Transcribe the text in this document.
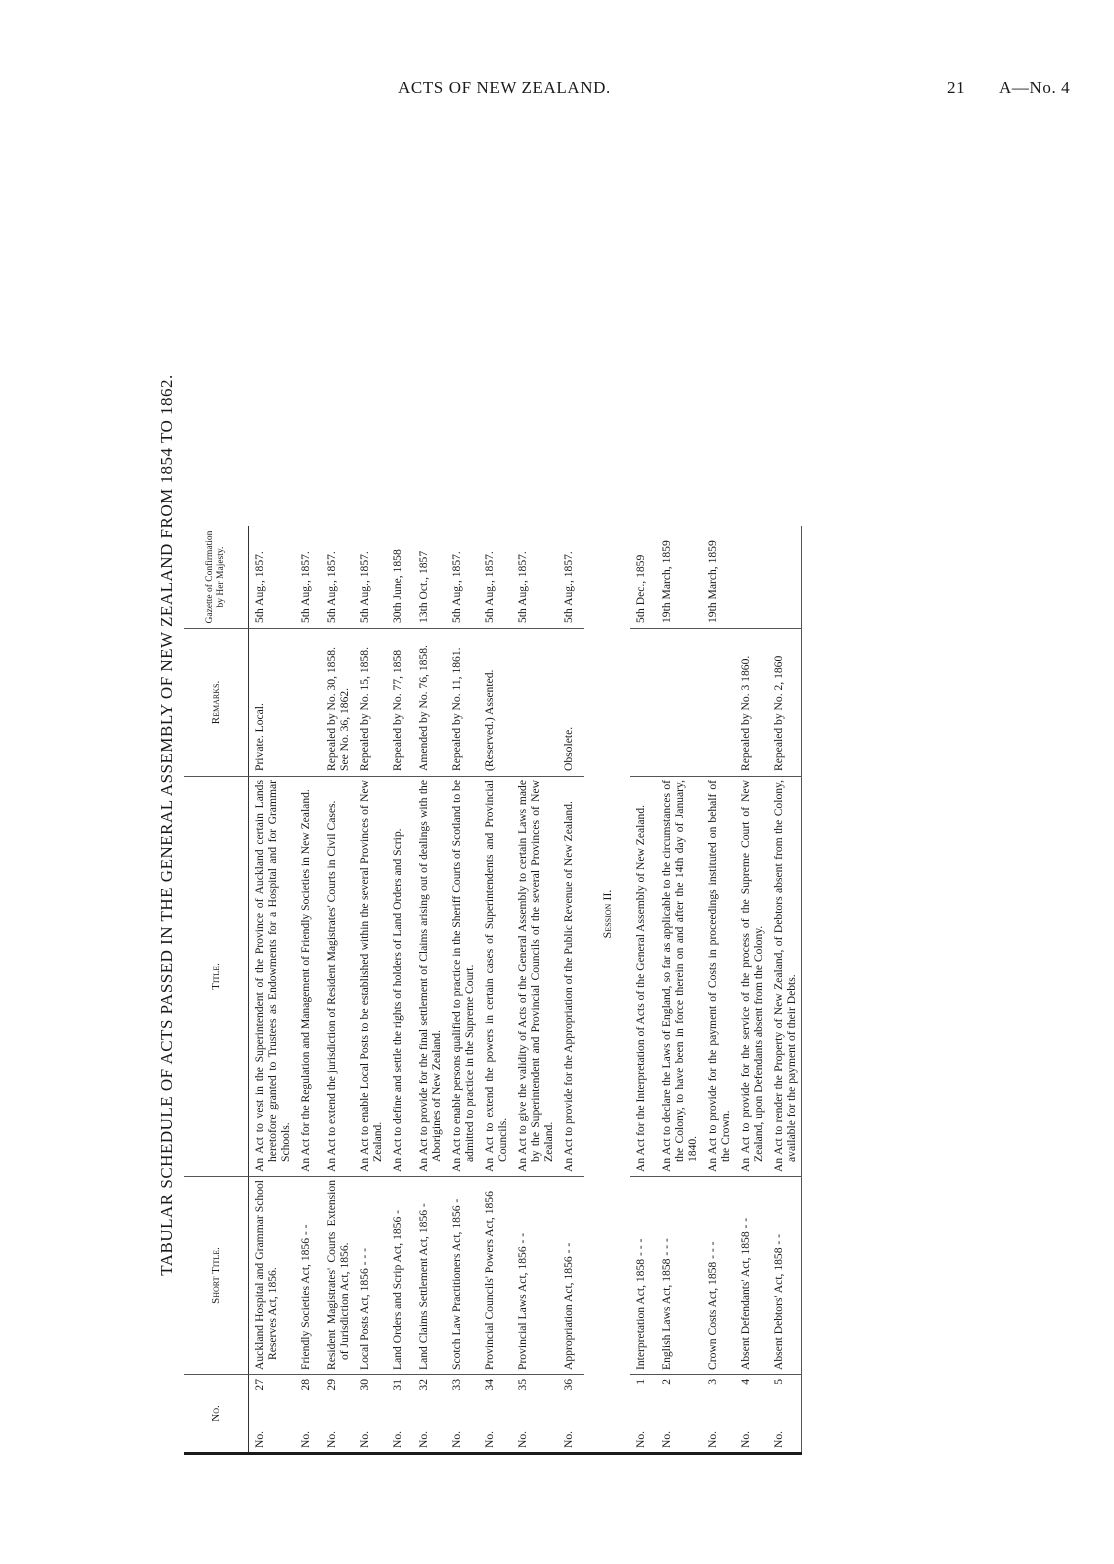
ACTS OF NEW ZEALAND.	21 A—No. 4
TABULAR SCHEDULE OF ACTS PASSED IN THE GENERAL ASSEMBLY OF NEW ZEALAND FROM 1854 TO 1862.
No.
Short Title.
Title.
Remarks.
Gazette of Confirmation by Her Majesty.
No.
27
Auckland Hospital and Grammar School Reserves Act, 1856.
An Act to vest in the Superintendent of the Province of Auckland certain Lands heretofore granted to Trustees as Endowments for a Hospital and for Grammar Schools.
Private. Local.
5th Aug., 1857.
No.
28
Friendly Societies Act, 1856 - -
An Act for the Regulation and Management of Friendly Societies in New Zealand.
5th Aug., 1857.
No.
29
Resident Magistrates' Courts Extension of Jurisdiction Act, 1856.
An Act to extend the jurisdiction of Resident Magistrates' Courts in Civil Cases.
Repealed by No. 30, 1858. See No. 36, 1862.
5th Aug., 1857.
No.
30
Local Posts Act, 1856 - - -
An Act to enable Local Posts to be established within the several Provinces of New Zealand.
Repealed by No. 15, 1858.
5th Aug., 1857.
No.
31
Land Orders and Scrip Act, 1856 -
An Act to define and settle the rights of holders of Land Orders and Scrip.
Repealed by No. 77, 1858
30th June, 1858
No.
32
Land Claims Settlement Act, 1856 -
An Act to provide for the final settlement of Claims arising out of dealings with the Aborigines of New Zealand.
Amended by No. 76, 1858.
13th Oct., 1857
No.
33
Scotch Law Practitioners Act, 1856 -
An Act to enable persons qualified to practice in the Sheriff Courts of Scotland to be admitted to practice in the Supreme Court.
Repealed by No. 11, 1861.
5th Aug., 1857.
No.
34
Provincial Councils' Powers Act, 1856
An Act to extend the powers in certain cases of Superintendents and Provincial Councils.
(Reserved.) Assented.
5th Aug., 1857.
No.
35
Provincial Laws Act, 1856 - -
An Act to give the validity of Acts of the General Assembly to certain Laws made by the Superintendent and Provincial Councils of the several Provinces of New Zealand.
5th Aug., 1857.
No.
36
Appropriation Act, 1856 - -
An Act to provide for the Appropriation of the Public Revenue of New Zealand.
Obsolete.
5th Aug., 1857.
Session II.
No.
1
Interpretation Act, 1858 - - -
An Act for the Interpretation of Acts of the General Assembly of New Zealand.
5th Dec., 1859
No.
2
English Laws Act, 1858 - - -
An Act to declare the Laws of England, so far as applicable to the circumstances of the Colony, to have been in force therein on and after the 14th day of January, 1840.
19th March, 1859
No.
3
Crown Costs Act, 1858 - - -
An Act to provide for the payment of Costs in proceedings instituted on behalf of the Crown.
19th March, 1859
No.
4
Absent Defendants' Act, 1858 - -
An Act to provide for the service of the process of the Supreme Court of New Zealand, upon Defendants absent from the Colony.
Repealed by No. 3 1860.
No.
5
Absent Debtors' Act, 1858 - -
An Act to render the Property of New Zealand, of Debtors absent from the Colony, available for the payment of their Debts.
Repealed by No. 2, 1860
